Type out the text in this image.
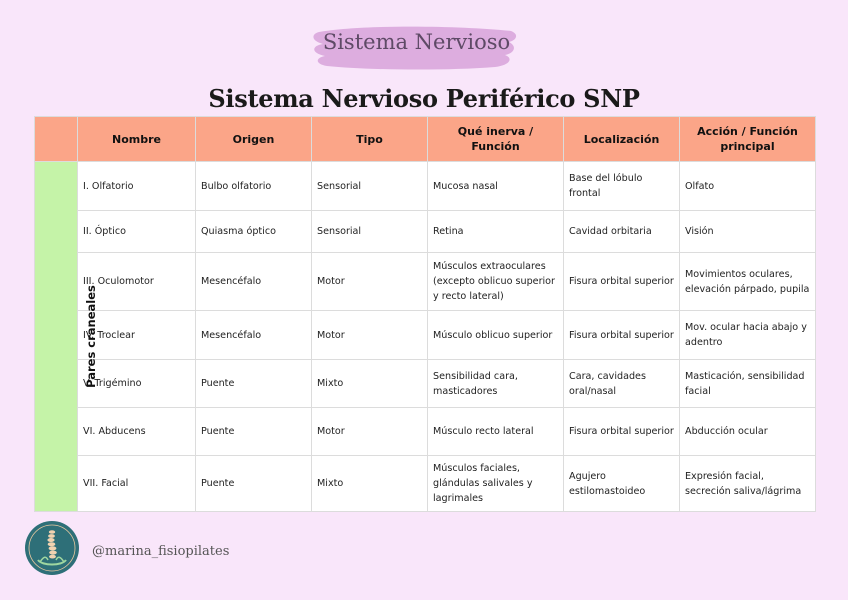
Sistema Nervioso
Sistema Nervioso Periférico SNP
	Nombre	Origen	Tipo	Qué inerva / Función	Localización	Acción / Función principal
Pares craneales	I. Olfatorio	Bulbo olfatorio	Sensorial	Mucosa nasal	Base del lóbulo frontal	Olfato
	II. Óptico	Quiasma óptico	Sensorial	Retina	Cavidad orbitaria	Visión
	III. Oculomotor	Mesencéfalo	Motor	Músculos extraoculares (excepto oblicuo superior y recto lateral)	Fisura orbital superior	Movimientos oculares, elevación párpado, pupila
	IV. Troclear	Mesencéfalo	Motor	Músculo oblicuo superior	Fisura orbital superior	Mov. ocular hacia abajo y adentro
	V. Trigémino	Puente	Mixto	Sensibilidad cara, masticadores	Cara, cavidades oral/nasal	Masticación, sensibilidad facial
	VI. Abducens	Puente	Motor	Músculo recto lateral	Fisura orbital superior	Abducción ocular
	VII. Facial	Puente	Mixto	Músculos faciales, glándulas salivales y lagrimales	Agujero estilomastoideo	Expresión facial, secreción saliva/lágrima
@marina_fisiopilates
